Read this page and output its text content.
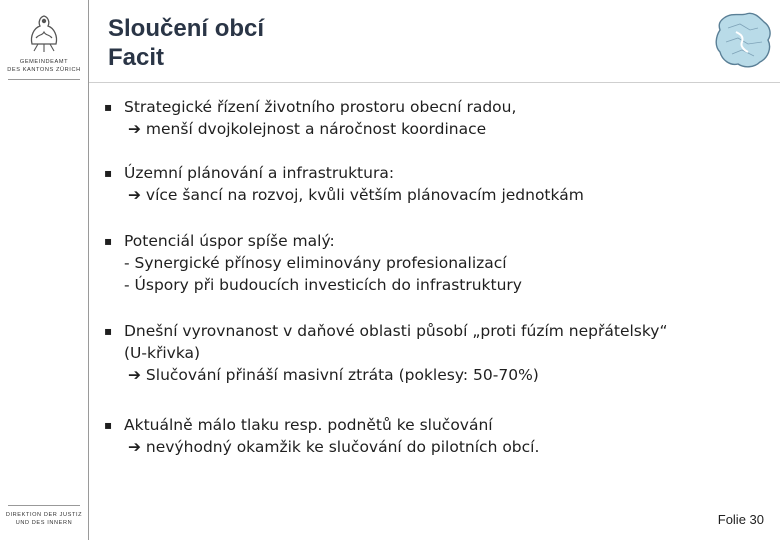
GEMEINDEAMT
DES KANTONS ZÜRICH
DIREKTION DER JUSTIZ
UND DES INNERN
Sloučení obcí
Facit
▪ Strategické řízení životního prostoru obecní radou,
➔ menší dvojkolejnost a náročnost koordinace
▪ Územní plánování a infrastruktura:
➔ více šancí na rozvoj, kvůli větším plánovacím jednotkám
▪ Potenciál úspor spíše malý:
- Synergické přínosy eliminovány profesionalizací
- Úspory při budoucích investicích do infrastruktury
▪ Dnešní vyrovnanost v daňové oblasti působí „proti fúzím nepřátelsky“
(U-křivka)
➔ Slučování přináší masivní ztráta (poklesy: 50-70%)
▪ Aktuálně málo tlaku resp. podnětů ke slučování
➔ nevýhodný okamžik ke slučování do pilotních obcí.
Folie 30
